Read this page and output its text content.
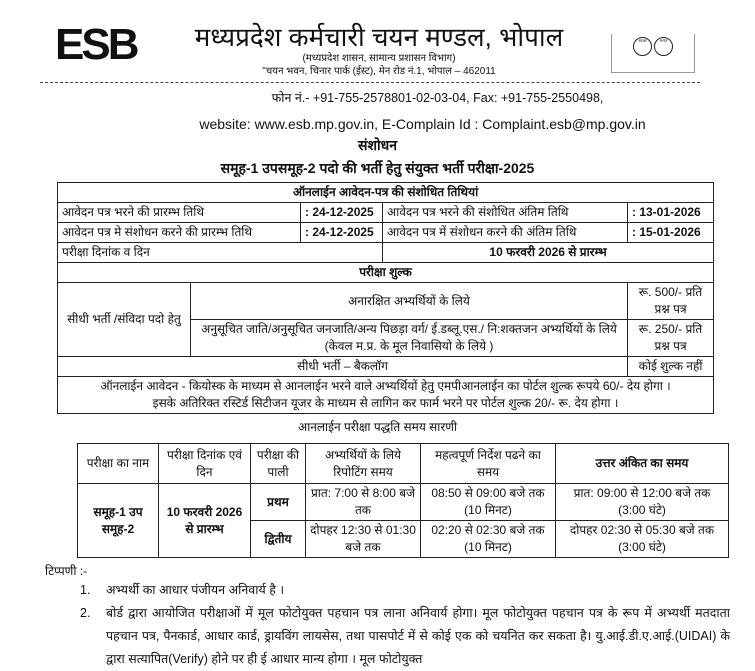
ESB	मध्यप्रदेश कर्मचारी चयन मण्डल, भोपाल
(मध्यप्रदेश शासन, सामान्य प्रशासन विभाग)
"चयन भवन, चिनार पार्क (ईस्ट), मेन रोड नं.1, भोपाल – 462011
स्वच्छ	भारत
फोन नं.- +91-755-2578801-02-03-04, Fax: +91-755-2550498,
website: www.esb.mp.gov.in, E-Complain Id : Complaint.esb@mp.gov.in
संशोधन
समूह-1 उपसमूह-2 पदो की भर्ती हेतु संयुक्त भर्ती परीक्षा-2025
ऑनलाईन आवेदन-पत्र की संशोधित तिथियां				
आवेदन पत्र भरने की प्रारम्भ तिथि		: 24-12-2025	आवेदन पत्र भरने की संशोधित अंतिम तिथि	: 13-01-2026
आवेदन पत्र मे संशोधन करने की प्रारम्भ तिथि		: 24-12-2025	आवेदन पत्र में संशोधन करने की अंतिम तिथि	: 15-01-2026
परीक्षा दिनांक व दिन			10 फरवरी 2026 से प्रारम्भ	
परीक्षा शुल्क				
सीधी भर्ती /संविदा पदो हेतु	अनारक्षित अभ्यर्थियों के लिये			रू. 500/- प्रति प्रश्न पत्र
	अनुसूचित जाति/अनुसूचित जनजाति/अन्य पिछड़ा वर्ग/ ई.डब्लू.एस./ नि:शक्तजन अभ्यर्थियों के लिये (केवल म.प्र. के मूल निवासियो के लिये )			रू. 250/- प्रति प्रश्न पत्र
सीधी भर्ती – बैकलॉग				कोई शुल्क नहीं

ऑनलाईन आवेदन - कियोस्क के माध्यम से आनलाईन भरने वाले अभ्यर्थियों हेतु एमपीआनलाईन का पोर्टल शुल्क रूपये 60/- देय होगा ।
इसके अतिरिक्त रस्टिर्ड सिटीजन यूजर के माध्यम से लागिन कर फार्म भरने पर पोर्टल शुल्क 20/- रू. देय होगा ।				
आनलाईन परीक्षा पद्धति समय सारणी
परीक्षा का नाम	परीक्षा दिनांक एवं दिन	परीक्षा की पाली	अभ्यर्थियों के लिये रिपोटिंग समय	महत्वपूर्ण निर्देश पढने का समय	उत्तर अंकित का समय
समूह-1 उप समूह-2	10 फरवरी 2026 से प्रारम्भ	प्रथम	प्रात: 7:00 से 8:00 बजे तक	08:50 से 09:00 बजे तक (10 मिनट)	प्रात: 09:00 से 12:00 बजे तक (3:00 घंटे)
		द्वितीय	दोपहर 12:30 से 01:30 बजे तक	02:20 से 02:30 बजे तक (10 मिनट)	दोपहर 02:30 से 05:30 बजे तक (3:00 घंटे)
टिप्पणी :-
1.	अभ्यर्थी का आधार पंजीयन अनिवार्य है ।
2.	बोर्ड द्वारा आयोजित परीक्षाओं में मूल फोटोयुक्त पहचान पत्र लाना अनिवार्य होगा। मूल फोटोयुक्त पहचान पत्र के रूप में अभ्यर्थी मतदाता पहचान पत्र, पैनकार्ड, आधार कार्ड, ड्रायविंग लायसेस, तथा पासपोर्ट में से कोई एक को चयनित कर सकता है। यु.आई.डी.ए.आई.(UIDAI) के द्वारा सत्यापित(Verify) होने पर ही ई आधार मान्य होगा । मूल फोटोयुक्त
